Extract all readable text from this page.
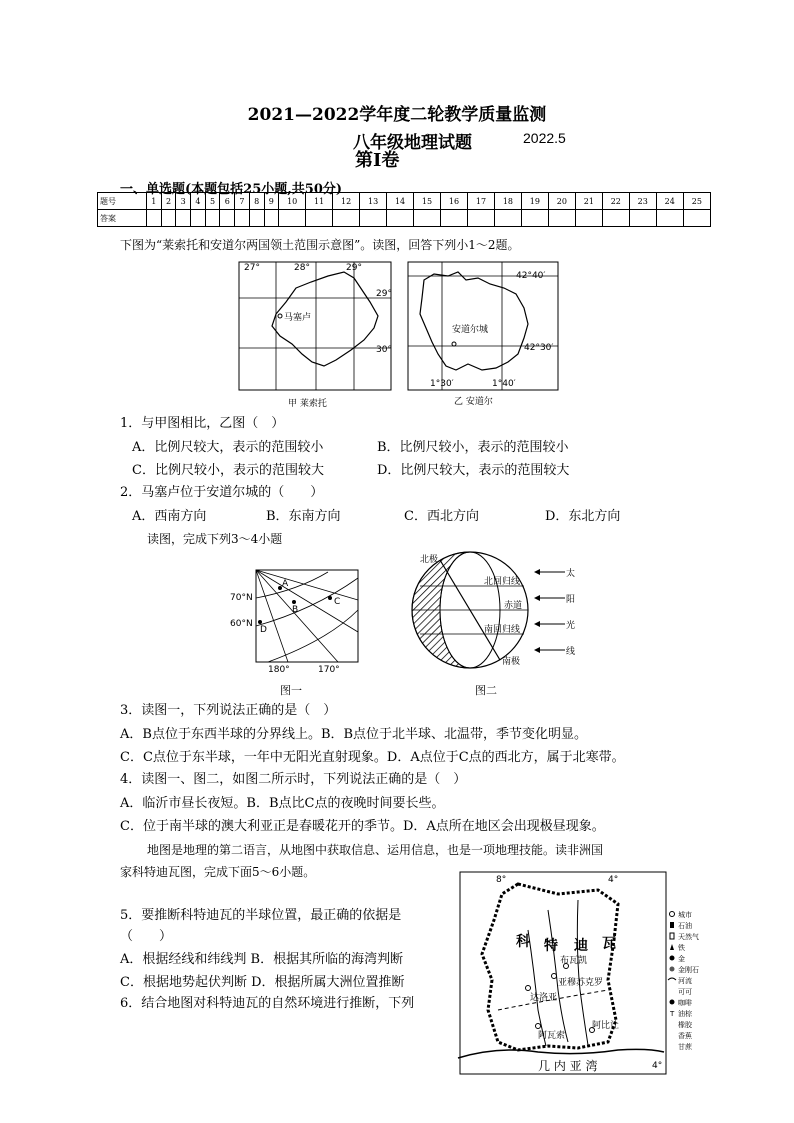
2021—2022学年度二轮教学质量监测
八年级地理试题	2022.5
第Ⅰ卷
一、单选题(本题包括25小题,共50分)
题号	1	2	3	4	5	6	7	8	9	10	11	12	13	14	15	16	17	18	19	20	21	22	23	24	25
答案																									
下图为“莱索托和安道尔两国领土范围示意图”。读图，回答下列小1～2题。
27°	28°	29°
29°
30°
马塞卢
甲 莱索托
42°40′
42°30′
1°30′	1°40′
安道尔城
乙 安道尔
1．与甲图相比，乙图（　）
A．比例尺较大，表示的范围较小	B．比例尺较小，表示的范围较小
C．比例尺较小，表示的范围较大	D．比例尺较大，表示的范围较大
2．马塞卢位于安道尔城的（　　）
A．西南方向	B．东南方向	C．西北方向	D．东北方向
读图，完成下列3～4小题
A
B
C
D
70°N
60°N
180°	170°
图一
北极
南极
北回归线
赤道
南回归线
太
阳
光
线
图二
3．读图一，下列说法正确的是（　）
A．B点位于东西半球的分界线上。B．B点位于北半球、北温带，季节变化明显。
C．C点位于东半球，一年中无阳光直射现象。D．A点位于C点的西北方，属于北寒带。
4．读图一、图二，如图二所示时，下列说法正确的是（　）
A．临沂市昼长夜短。B．B点比C点的夜晚时间要长些。
C．位于南半球的澳大利亚正是春暖花开的季节。D．A点所在地区会出现极昼现象。
地图是地理的第二语言，从地图中获取信息、运用信息，也是一项地理技能。读非洲国
家科特迪瓦图，完成下面5～6小题。
5．要推断科特迪瓦的半球位置，最正确的依据是
（　　）
A．根据经线和纬线判 B．根据其所临的海湾判断
C．根据地势起伏判断 D．根据所属大洲位置推断
6．结合地图对科特迪瓦的自然环境进行推断，下列
8°	4°
4°
科 特 迪 瓦
布瓦凯
亚穆苏克罗
达洛亚
阿瓦索
阿比让
几 内 亚 湾
城市
石油
天然气
铁
金
金刚石
河流
可可
咖啡
T 油棕
橡胶
香蕉
甘蔗
